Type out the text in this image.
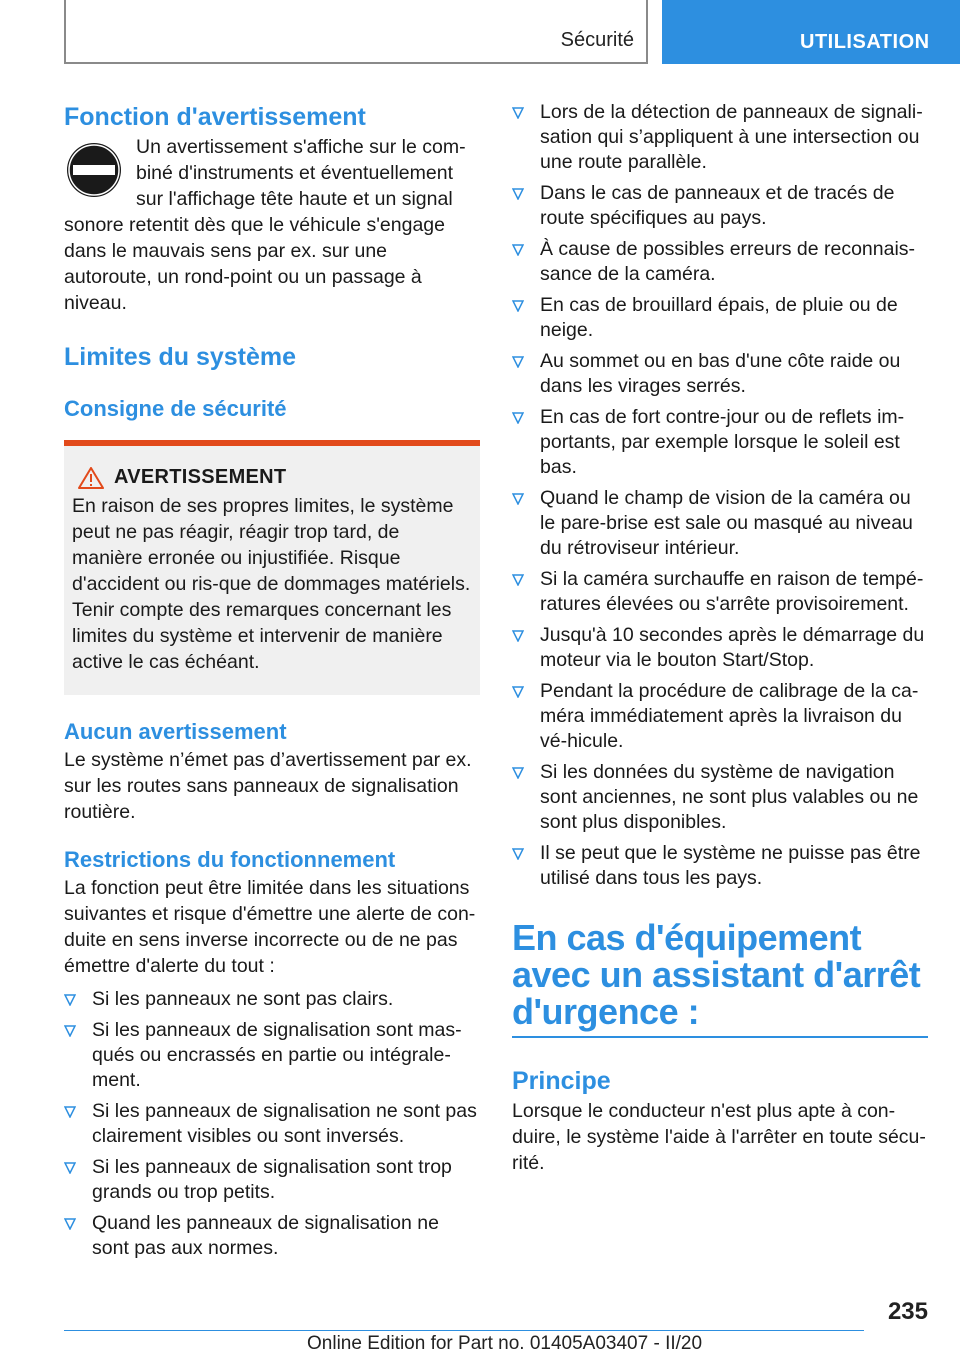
Sécurité	UTILISATION
Fonction d'avertissement

Un avertissement s'affiche sur le com-biné d'instruments et éventuellement sur l'affichage tête haute et un signal sonore retentit dès que le véhicule s'engage dans le mauvais sens par ex. sur une autoroute, un rond-point ou un passage à niveau.

Limites du système
Consigne de sécurité
AVERTISSEMENT

En raison de ses propres limites, le système peut ne pas réagir, réagir trop tard, de manière erronée ou injustifiée. Risque d'accident ou ris-que de dommages matériels. Tenir compte des remarques concernant les limites du système et intervenir de manière active le cas échéant.

Aucun avertissement

Le système n’émet pas d’avertissement par ex. sur les routes sans panneaux de signalisation routière.

Restrictions du fonctionnement

La fonction peut être limitée dans les situations suivantes et risque d'émettre une alerte de con-duite en sens inverse incorrecte ou de ne pas émettre d'alerte du tout :

Si les panneaux ne sont pas clairs.
Si les panneaux de signalisation sont mas-qués ou encrassés en partie ou intégrale-ment.
Si les panneaux de signalisation ne sont pas clairement visibles ou sont inversés.
Si les panneaux de signalisation sont trop grands ou trop petits.
Quand les panneaux de signalisation ne sont pas aux normes.
Lors de la détection de panneaux de signali-sation qui s’appliquent à une intersection ou une route parallèle.
Dans le cas de panneaux et de tracés de route spécifiques au pays.
À cause de possibles erreurs de reconnais-sance de la caméra.
En cas de brouillard épais, de pluie ou de neige.
Au sommet ou en bas d'une côte raide ou dans les virages serrés.
En cas de fort contre-jour ou de reflets im-portants, par exemple lorsque le soleil est bas.
Quand le champ de vision de la caméra ou le pare-brise est sale ou masqué au niveau du rétroviseur intérieur.
Si la caméra surchauffe en raison de tempé-ratures élevées ou s'arrête provisoirement.
Jusqu'à 10 secondes après le démarrage du moteur via le bouton Start/Stop.
Pendant la procédure de calibrage de la ca-méra immédiatement après la livraison du vé-hicule.
Si les données du système de navigation sont anciennes, ne sont plus valables ou ne sont plus disponibles.
Il se peut que le système ne puisse pas être utilisé dans tous les pays.
En cas d'équipement avec un assistant d'arrêt d'urgence :
Principe

Lorsque le conducteur n'est plus apte à con-duire, le système l'aide à l'arrêter en toute sécu-rité.

235
Online Edition for Part no. 01405A03407 - II/20
